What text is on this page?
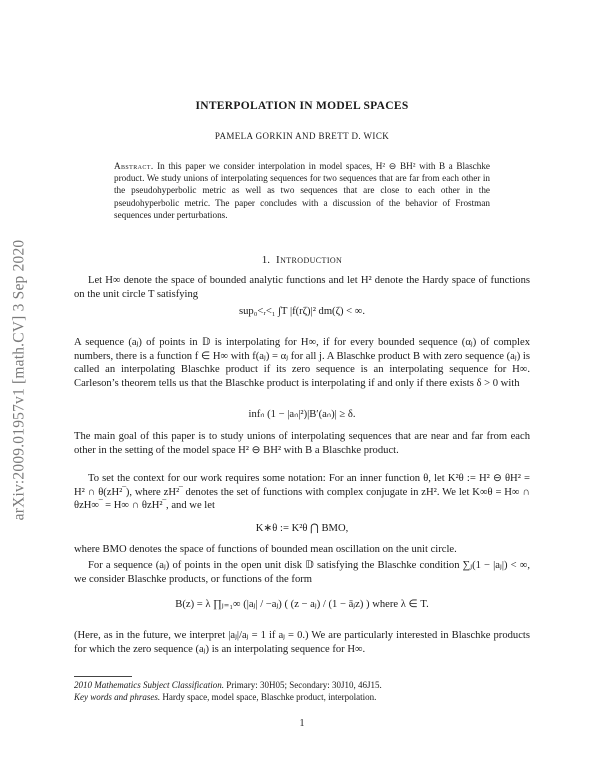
arXiv:2009.01957v1 [math.CV] 3 Sep 2020
INTERPOLATION IN MODEL SPACES
PAMELA GORKIN AND BRETT D. WICK
Abstract. In this paper we consider interpolation in model spaces, H² ⊖ BH² with B a Blaschke product. We study unions of interpolating sequences for two sequences that are far from each other in the pseudohyperbolic metric as well as two sequences that are close to each other in the pseudohyperbolic metric. The paper concludes with a discussion of the behavior of Frostman sequences under perturbations.
1. Introduction
Let H∞ denote the space of bounded analytic functions and let H² denote the Hardy space of functions on the unit circle T satisfying
sup₀<ᵣ<₁ ∫T |f(rζ)|² dm(ζ) < ∞.
A sequence (aⱼ) of points in 𝔻 is interpolating for H∞, if for every bounded sequence (αⱼ) of complex numbers, there is a function f ∈ H∞ with f(aⱼ) = αⱼ for all j. A Blaschke product B with zero sequence (aⱼ) is called an interpolating Blaschke product if its zero sequence is an interpolating sequence for H∞. Carleson’s theorem tells us that the Blaschke product is interpolating if and only if there exists δ > 0 with
infₙ (1 − |aₙ|²)|B′(aₙ)| ≥ δ.
The main goal of this paper is to study unions of interpolating sequences that are near and far from each other in the setting of the model space H² ⊖ BH² with B a Blaschke product.
To set the context for our work requires some notation: For an inner function θ, let K²θ := H² ⊖ θH² = H² ∩ θ(zH²‾), where zH²‾ denotes the set of functions with complex conjugate in zH². We let K∞θ = H∞ ∩ θzH∞‾ = H∞ ∩ θzH²‾, and we let
K∗θ := K²θ ⋂ BMO,
where BMO denotes the space of functions of bounded mean oscillation on the unit circle.
For a sequence (aⱼ) of points in the open unit disk 𝔻 satisfying the Blaschke condition ∑ⱼ(1 − |aⱼ|) < ∞, we consider Blaschke products, or functions of the form
B(z) = λ ∏ⱼ₌₁∞ (|aⱼ| / −aⱼ) ( (z − aⱼ) / (1 − āⱼz) ) where λ ∈ T.
(Here, as in the future, we interpret |aⱼ|/aⱼ = 1 if aⱼ = 0.) We are particularly interested in Blaschke products for which the zero sequence (aⱼ) is an interpolating sequence for H∞.
2010 Mathematics Subject Classification. Primary: 30H05; Secondary: 30J10, 46J15.
Key words and phrases. Hardy space, model space, Blaschke product, interpolation.
1
